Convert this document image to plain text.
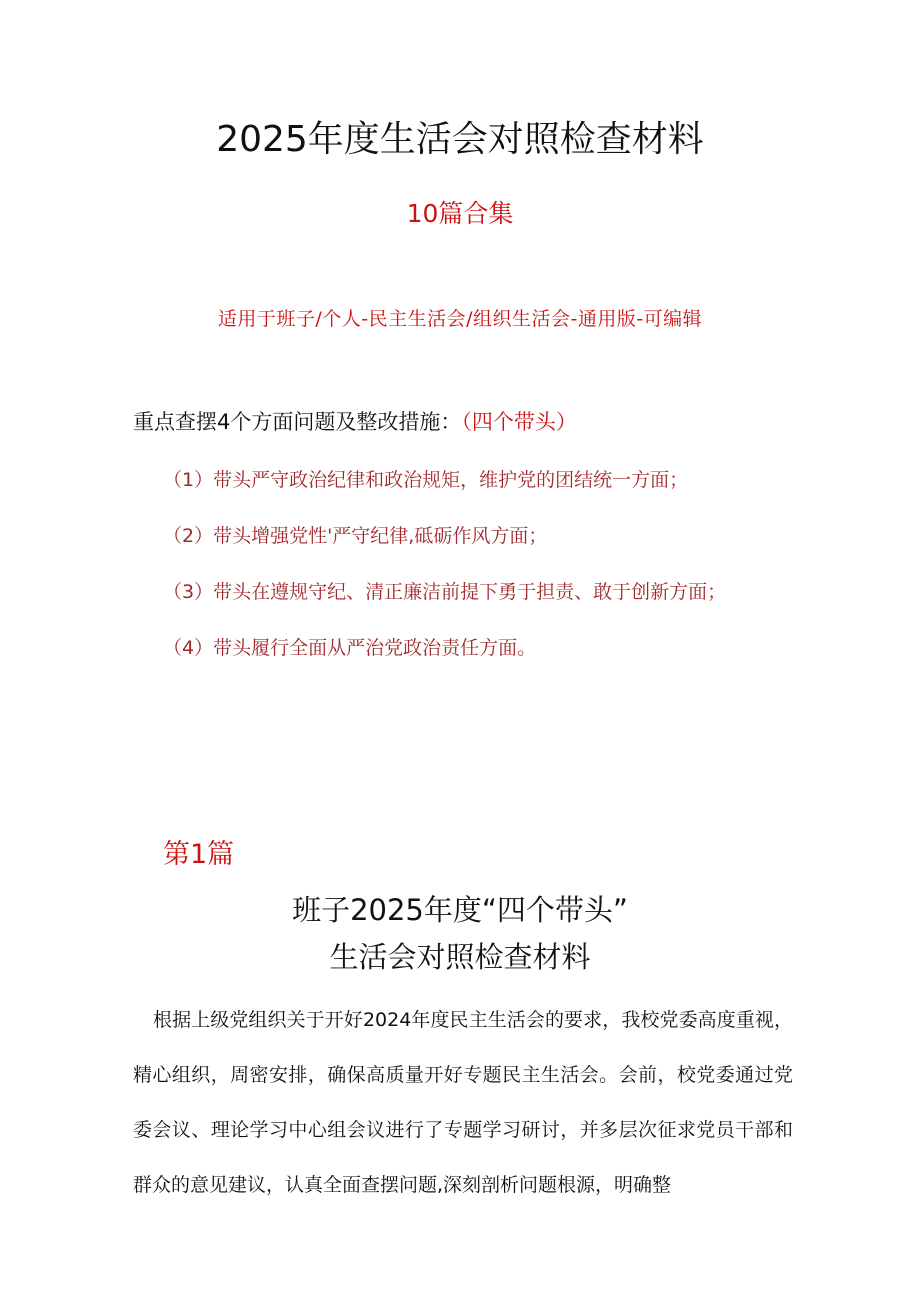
2025年度生活会对照检查材料
10篇合集
适用于班子/个人-民主生活会/组织生活会-通用版-可编辑
重点查摆4个方面问题及整改措施：（四个带头）
（1）带头严守政治纪律和政治规矩，维护党的团结统一方面；
（2）带头增强党性'严守纪律,砥砺作风方面；
（3）带头在遵规守纪、清正廉洁前提下勇于担责、敢于创新方面；
（4）带头履行全面从严治党政治责任方面。
第1篇
班子2025年度“四个带头”
生活会对照检查材料
根据上级党组织关于开好2024年度民主生活会的要求，我校党委高度重视，精心组织，周密安排，确保高质量开好专题民主生活会。会前，校党委通过党委会议、理论学习中心组会议进行了专题学习研讨，并多层次征求党员干部和群众的意见建议，认真全面查摆问题,深刻剖析问题根源，明确整
